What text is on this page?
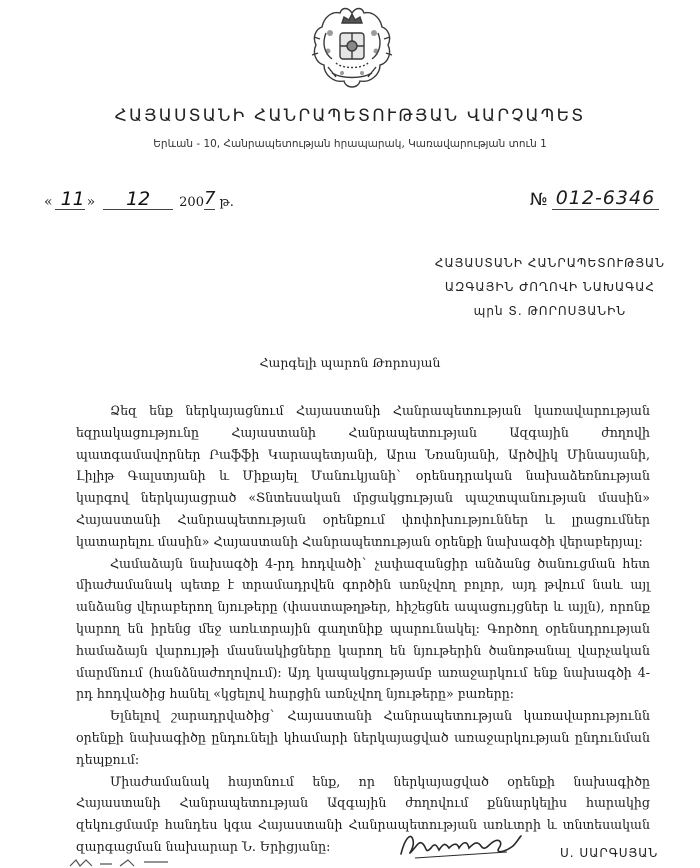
ՀԱՅԱՍՏԱՆԻ ՀԱՆՐԱՊԵՏՈՒԹՅԱՆ ՎԱՐՉԱՊԵՏ
Երևան - 10, Հանրապետության հրապարակ, Կառավարության տուն 1
« 11 »	12	200 7 թ.	№ 012-6346
ՀԱՅԱՍՏԱՆԻ ՀԱՆՐԱՊԵՏՈՒԹՅԱՆ
ԱԶԳԱՅԻՆ ԺՈՂՈՎԻ ՆԱԽԱԳԱՀ
պրն Տ. ԹՈՐՈՍՅԱՆԻՆ
Հարգելի պարոն Թորոսյան

Ձեզ ենք ներկայացնում Հայաստանի Հանրապետության կառավարության եզրակացությունը Հայաստանի Հանրապետության Ազգային ժողովի պատգամավորներ Րաֆֆի Կարապետյանի, Արա Նռանյանի, Արծվիկ Մինասյանի, Լիլիթ Գալստյանի և Միքայել Մանուկյանի` օրենսդրական նախաձեռնության կարգով ներկայացրած «Տնտեսական մրցակցության պաշտպանության մասին» Հայաստանի Հանրապետության օրենքում փոփոխություններ և լրացումներ կատարելու մասին» Հայաստանի Հանրապետության օրենքի նախագծի վերաբերյալ:

Համաձայն նախագծի 4-րդ հոդվածի` չափազանցիր անձանց ծանուցման հետ միաժամանակ պետք է տրամադրվեն գործին առնչվող բոլոր, այդ թվում նաև այլ անձանց վերաբերող նյութերը (փաստաթղթեր, հիշեցնե ապացույցներ և այլն), որոնք կարող են իրենց մեջ առևտրային գաղտնիք պարունակել: Գործող օրենսդրության համաձայն վարույթի մասնակիցները կարող են նյութերին ծանոթանալ վարչական մարմնում (հանձնաժողովում): Այդ կապակցությամբ առաջարկում ենք նախագծի 4-րդ հոդվածից հանել «կցելով հարցին առնչվող նյութերը» բառերը:

Ելնելով շարադրվածից` Հայաստանի Հանրապետության կառավարությունն օրենքի նախագիծը ընդունելի կհամարի ներկայացված առաջարկության ընդունման դեպքում:

Միաժամանակ հայտնում ենք, որ ներկայացված օրենքի նախագիծը Հայաստանի Հանրապետության Ազգային ժողովում քննարկելիս հարակից զեկուցմամբ հանդես կգա Հայաստանի Հանրապետության առևտրի և տնտեսական զարգացման նախարար Ն. Երիցյանը:	Ս. ՍԱՐԳՍՅԱՆ
